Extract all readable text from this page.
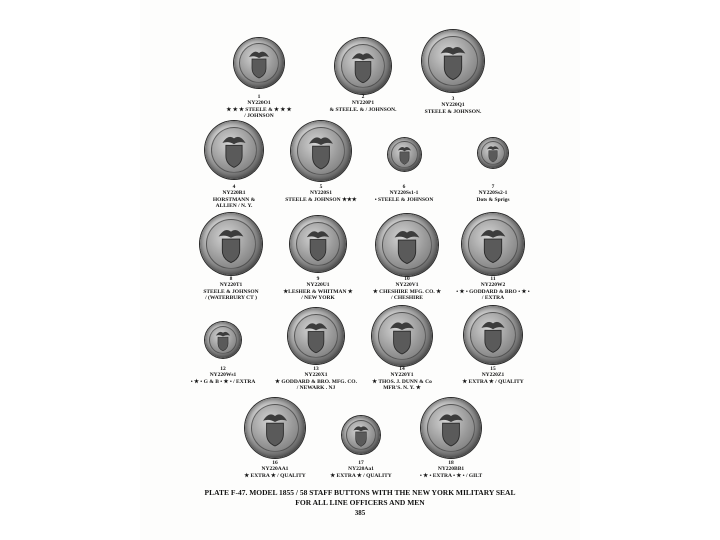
1
NY220O1
★ ★ ★ STEELE & ★ ★ ★
/ JOHNSON
2
NY220P1
& STEELE. & / JOHNSON.
3
NY220Q1
STEELE & JOHNSON.
4
NY220R1
HORSTMANN &
ALLIEN / N. Y.
5
NY220S1
STEELE & JOHNSON ★★★
6
NY220Ss1-1
• STEELE & JOHNSON
7
NY220Ss2-1
Dots & Sprigs
8
NY220T1
STEELE & JOHNSON
/ (WATERBURY CT )
9
NY220U1
★LESHER & WHITMAN ★
/ NEW YORK
10
NY220V1
★ CHESHIRE MFG. CO. ★
/ CHESHIRE
11
NY220W2
• ★ • GODDARD & BRO • ★ •
/ EXTRA
12
NY220Ws1
• ★ • G & B • ★ • / EXTRA
13
NY220X1
★ GODDARD & BRO. MFG. CO.
/ NEWARK . NJ
14
NY220Y1
★ THOS. J. DUNN & Co
MFR'S. N. Y. ★
15
NY220Z1
★ EXTRA ★ / QUALITY
16
NY220AA1
★ EXTRA ★ / QUALITY
17
NY220Aa1
★ EXTRA ★ / QUALITY
18
NY220BB1
• ★ • EXTRA • ★ • / GILT
PLATE F-47. MODEL 1855 / 58 STAFF BUTTONS WITH THE NEW YORK MILITARY SEAL
FOR ALL LINE OFFICERS AND MEN
385
